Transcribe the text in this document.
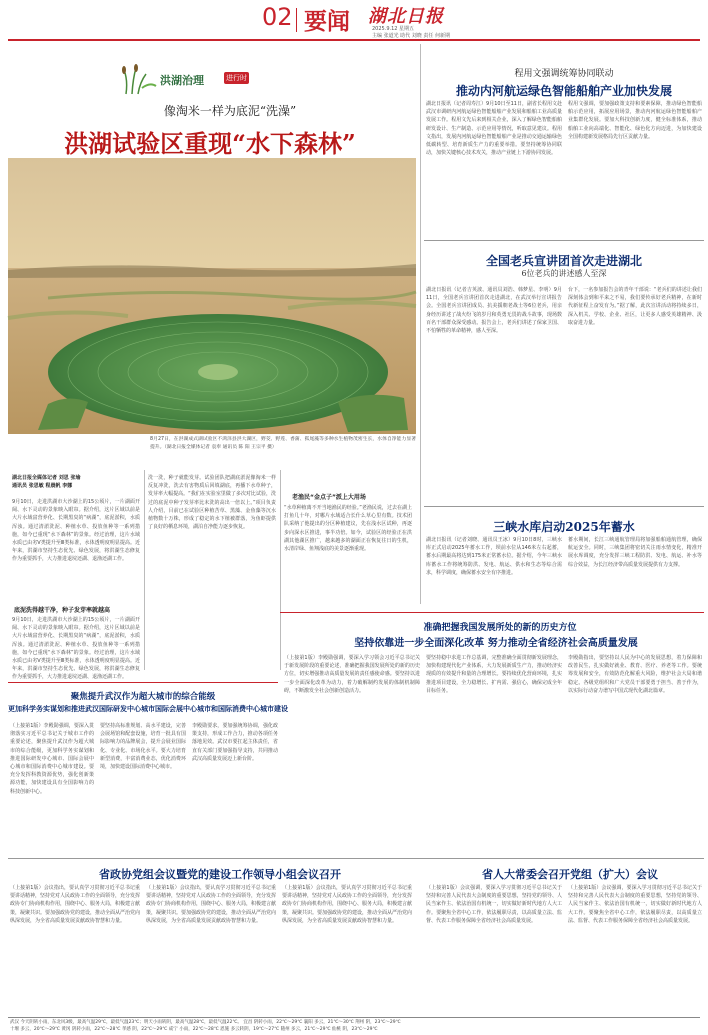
02 要闻 湖北日报
2025.9.12 星期五
主编 张道光 助代 刘晓 责任 何新期
洪湖治理	进行时
像淘米一样为底泥“洗澡”
洪湖试验区重现“水下森林”
8月27日，在洪湖成式湖试验区不鸿泽县洪大湖区，野茭、野莲、香蒲、狐尾藻等多种水生植物茂密生长，水体自净能力显著提升。（湖北日报全媒体记者 袁奉 通讯员 陈 阳 王宗平 摄）
湖北日报全媒体记者 刘思 张瑜
通讯员 张思敏 程晨帆 李娜
9月10日，走进洪湖市大沙湖上的15公顷片，一片湖面开阔、水下灵动的景象映入眼帘。据介绍，这片区域以前是大片水域富营养化、长期黑臭的“病湖”，底泥淤积，水质浑浊。通过清淤洗泥、种植水草、投放鱼种等一系列措施，如今已重现“水下森林”的景象。经过治理，这片水域水质已由劣Ⅴ类提升至Ⅲ类标准，水体透明度明显提高。近年来，洪湖市坚持生态优先、绿色发展，将洪湖生态修复作为重要抓手，大力推进退垸还湖、退渔还湖工作。
底泥洗得越干净，种子发芽率就越高
9月10日，走进洪湖市大沙湖上的15公顷片，一片湖面开阔、水下灵动的景象映入眼帘。据介绍，这片区域以前是大片水域富营养化、长期黑臭的“病湖”，底泥淤积，水质浑浊。通过清淤洗泥、种植水草、投放鱼种等一系列措施，如今已重现“水下森林”的景象。经过治理，这片水域水质已由劣Ⅴ类提升至Ⅲ类标准，水体透明度明显提高。近年来，洪湖市坚持生态优先、绿色发展，将洪湖生态修复作为重要抓手，大力推进退垸还湖、退渔还湖工作。
洗一洗，种子就能发芽。试验团队把湖底淤泥像淘米一样反复冲洗，洗去有害物质后回填湖底，再播下水草种子，发芽率大幅提高。“我们在实验室里做了多次对比试验，洗过的底泥中种子发芽率比未洗的高出一倍以上。”项目负责人介绍，目前已在试验区种植苦草、黑藻、金鱼藻等沉水植物数十万株，形成了稳定的水下植被群落，为鱼虾提供了良好的栖息环境，湖泊自净能力逐步恢复。
老渔民“金点子”派上大用场
“水草种植离不开当地渔民的经验。”老渔民说，过去在湖上打鱼几十年，对哪片水域适合长什么草心里有数。技术团队采纳了他提出的分区种植建议，先在浅水区试种，再逐步向深水区推进，事半功倍。如今，试验区的经验正在洪湖其他湖区推广，越来越多的湖面正在恢复往日的生机，水清岸绿、鱼翔浅底的美景逐渐重现。
程用文强调统筹协同联动
推动内河航运绿色智能船舶产业加快发展
湖北日报讯（记者周寿江）9月10日至11日，副省长程用文赴武汉市调研内河航运绿色智能船舶产业发展和船舶工业高质量发展工作。程用文先后来到相关企业，深入了解绿色智能船舶研发设计、生产制造、示范应用等情况，听取意见建议。程用文指出，发展内河航运绿色智能船舶产业是推动交通运输绿色低碳转型、培育新质生产力的重要举措。要坚持统筹协同联动，加快关键核心技术攻关，推动产业链上下游协同发展。
程用文强调，要加强政策支持和要素保障，推动绿色智能船舶示范应用，拓展应用场景，推动内河航运绿色智能船舶产业集群化发展。要加大科技创新力度，健全标准体系，推动船舶工业向高端化、智能化、绿色化方向迈进，为加快建设全国构建新发展格局先行区贡献力量。
全国老兵宣讲团首次走进湖北
6位老兵的讲述感人至深
湖北日报讯（记者吉英波、通讯员刘浩、韩梦星、李明）9月11日，全国老兵宣讲团首次走进湖北，在武汉举行宣讲报告会。全国老兵宣讲团成员、抗美援朝老战士等6位老兵，用亲身经历讲述了战火纷飞的岁月和英勇无畏的战斗故事，现场数百名干部群众深受感动。报告会上，老兵们讲述了保家卫国、不怕牺牲的革命精神，感人至深。
台下，一名参加报告会的青年干部说：“老兵们的讲述让我们深刻体会到和平来之不易，我们要传承好老兵精神，在新时代新征程上奋发有为。”据了解，此次宣讲活动将持续多日，深入机关、学校、企业、社区，让更多人感受英雄精神、汲取奋进力量。
三峡水库启动2025年蓄水
湖北日报讯（记者刘晓、通讯员王冰）9月10日8时，三峡水库正式启动2025年蓄水工作，坝前水位从146米左右起蓄，蓄水后期最高将达到175米正常蓄水位。据介绍，今年三峡水库蓄水工作将统筹防洪、发电、航运、供水和生态等综合需求，科学调度，确保蓄水安全有序推进。
蓄水期间，长江三峡通航管理局将加强船舶通航管理，确保航运安全。同时，三峡集团将密切关注雨水情变化，精准开展水库调度，充分发挥三峡工程防洪、发电、航运、补水等综合效益，为长江经济带高质量发展提供有力支撑。
准确把握我国发展所处的新的历史方位
坚持依靠进一步全面深化改革 努力推动全省经济社会高质量发展
（上接第1版）李殿勋强调，要深入学习领会习近平总书记关于新发展阶段的重要论述，准确把握我国发展所处的新的历史方位，切实增强推动高质量发展的责任感使命感。要坚持以进一步全面深化改革为动力，着力破解制约发展的体制机制障碍，不断激发全社会创新创造活力。
要坚持稳中求进工作总基调，完整准确全面贯彻新发展理念，加快构建现代化产业体系，大力发展新质生产力，推动经济实现质的有效提升和量的合理增长。要持续优化营商环境，扎实推进项目建设，全力稳增长、扩内需、强信心，确保完成全年目标任务。
李殿勋指出，要坚持以人民为中心的发展思想，着力保障和改善民生，扎实做好就业、教育、医疗、养老等工作。要统筹发展和安全，有效防范化解重大风险，维护社会大局和谐稳定。各级党组织和广大党员干部要勇于担当、善于作为，以实际行动奋力谱写中国式现代化湖北篇章。
聚焦提升武汉作为超大城市的综合能级
更加科学务实谋划和推进武汉国际研发中心城市国际会展中心城市和国际消费中心城市建设
（上接第1版）李殿勋强调，要深入贯彻落实习近平总书记关于城市工作的重要论述，聚焦提升武汉作为超大城市的综合能级，更加科学务实谋划和推进国际研发中心城市、国际会展中心城市和国际消费中心城市建设。要充分发挥科教资源优势，强化创新策源功能，加快建设具有全国影响力的科技创新中心。
要坚持高标准规划、高水平建设，完善会展场馆和配套设施，培育一批具有国际影响力的品牌展会，提升会展业国际化、专业化、市场化水平。要大力培育新型消费，丰富消费业态，优化消费环境，加快建设国际消费中心城市。
李殿勋要求，要加强统筹协调，强化政策支持，形成工作合力，推动各项任务落地见效。武汉市要扛起主体责任，省直有关部门要加强指导支持，共同推动武汉高质量发展迈上新台阶。
省政协党组会议暨党的建设工作领导小组会议召开
（上接第1版）会议指出，要认真学习贯彻习近平总书记重要讲话精神，坚持党对人民政协工作的全面领导，充分发挥政协专门协商机构作用，围绕中心、服务大局，积极建言献策，凝聚共识。要加强政协党的建设，推动全面从严治党向纵深发展，为全省高质量发展贡献政协智慧和力量。
（上接第1版）会议指出，要认真学习贯彻习近平总书记重要讲话精神，坚持党对人民政协工作的全面领导，充分发挥政协专门协商机构作用，围绕中心、服务大局，积极建言献策，凝聚共识。要加强政协党的建设，推动全面从严治党向纵深发展，为全省高质量发展贡献政协智慧和力量。
（上接第1版）会议指出，要认真学习贯彻习近平总书记重要讲话精神，坚持党对人民政协工作的全面领导，充分发挥政协专门协商机构作用，围绕中心、服务大局，积极建言献策，凝聚共识。要加强政协党的建设，推动全面从严治党向纵深发展，为全省高质量发展贡献政协智慧和力量。
省人大常委会召开党组（扩大）会议
（上接第1版）会议强调，要深入学习贯彻习近平总书记关于坚持和完善人民代表大会制度的重要思想，坚持党的领导、人民当家作主、依法治国有机统一，切实做好新时代地方人大工作。要聚焦全省中心工作，依法履职尽责，以高质量立法、监督、代表工作服务保障全省经济社会高质量发展。
（上接第1版）会议强调，要深入学习贯彻习近平总书记关于坚持和完善人民代表大会制度的重要思想，坚持党的领导、人民当家作主、依法治国有机统一，切实做好新时代地方人大工作。要聚焦全省中心工作，依法履职尽责，以高质量立法、监督、代表工作服务保障全省经济社会高质量发展。
武汉 今天阴转小雨，东北风3级，最高气温29℃，最低气温23℃；明天小雨转阴，最高气温28℃，最低气温22℃。 宜昌 阴转小雨，22℃～29℃ 襄阳 多云，21℃～30℃ 荆州 阴，23℃～29℃
十堰 多云，20℃～29℃ 黄冈 阴转小雨，22℃～28℃ 孝感 阴，22℃～29℃ 咸宁 小雨，22℃～28℃ 恩施 多云转阴，19℃～27℃ 随州 多云，21℃～29℃ 仙桃 阴，23℃～29℃
